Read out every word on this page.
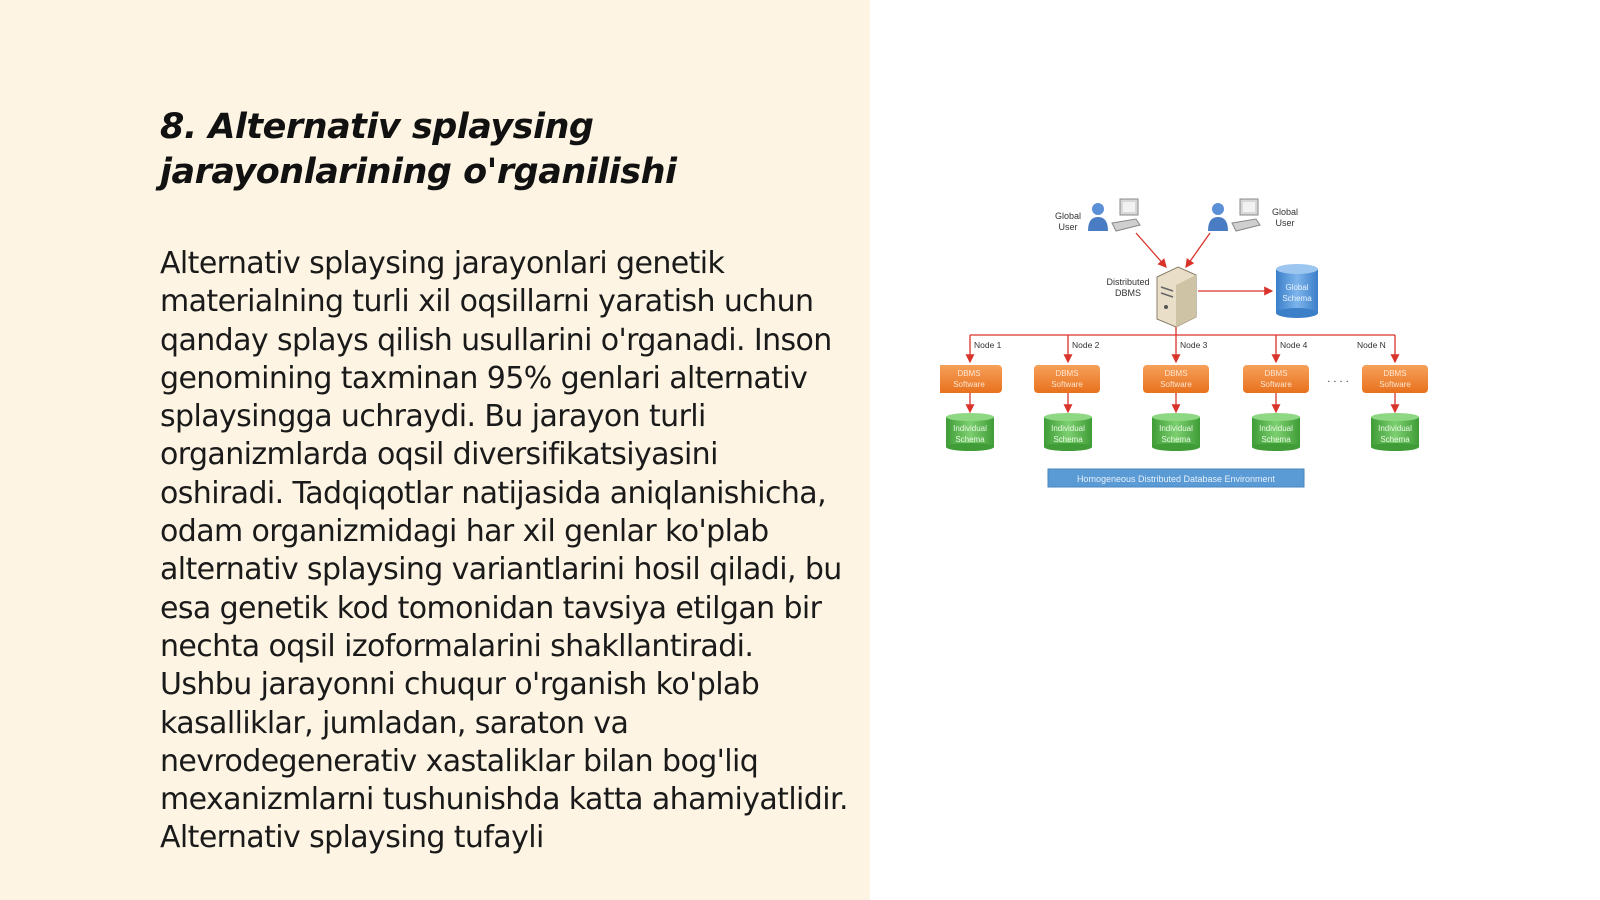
8. Alternativ splaysing jarayonlarining o'rganilishi

Alternativ splaysing jarayonlari genetik materialning turli xil oqsillarni yaratish uchun qanday splays qilish usullarini o'rganadi. Inson genomining taxminan 95% genlari alternativ splaysingga uchraydi. Bu jarayon turli organizmlarda oqsil diversifikatsiyasini oshiradi. Tadqiqotlar natijasida aniqlanishicha, odam organizmidagi har xil genlar ko'plab alternativ splaysing variantlarini hosil qiladi, bu esa genetik kod tomonidan tavsiya etilgan bir nechta oqsil izoformalarini shakllantiradi. Ushbu jarayonni chuqur o'rganish ko'plab kasalliklar, jumladan, saraton va nevrodegenerativ xastaliklar bilan bog'liq mexanizmlarni tushunishda katta ahamiyatlidir. Alternativ splaysing tufayli

Global
User
Global
User
Distributed
DBMS
Global
Schema
Node 1
DBMS
Software
Individual
Schema
Node 2
DBMS
Software
Individual
Schema
Node 3
DBMS
Software
Individual
Schema
Node 4
DBMS
Software
Individual
Schema
. . . .
Node N
DBMS
Software
Individual
Schema
Homogeneous Distributed Database Environment
